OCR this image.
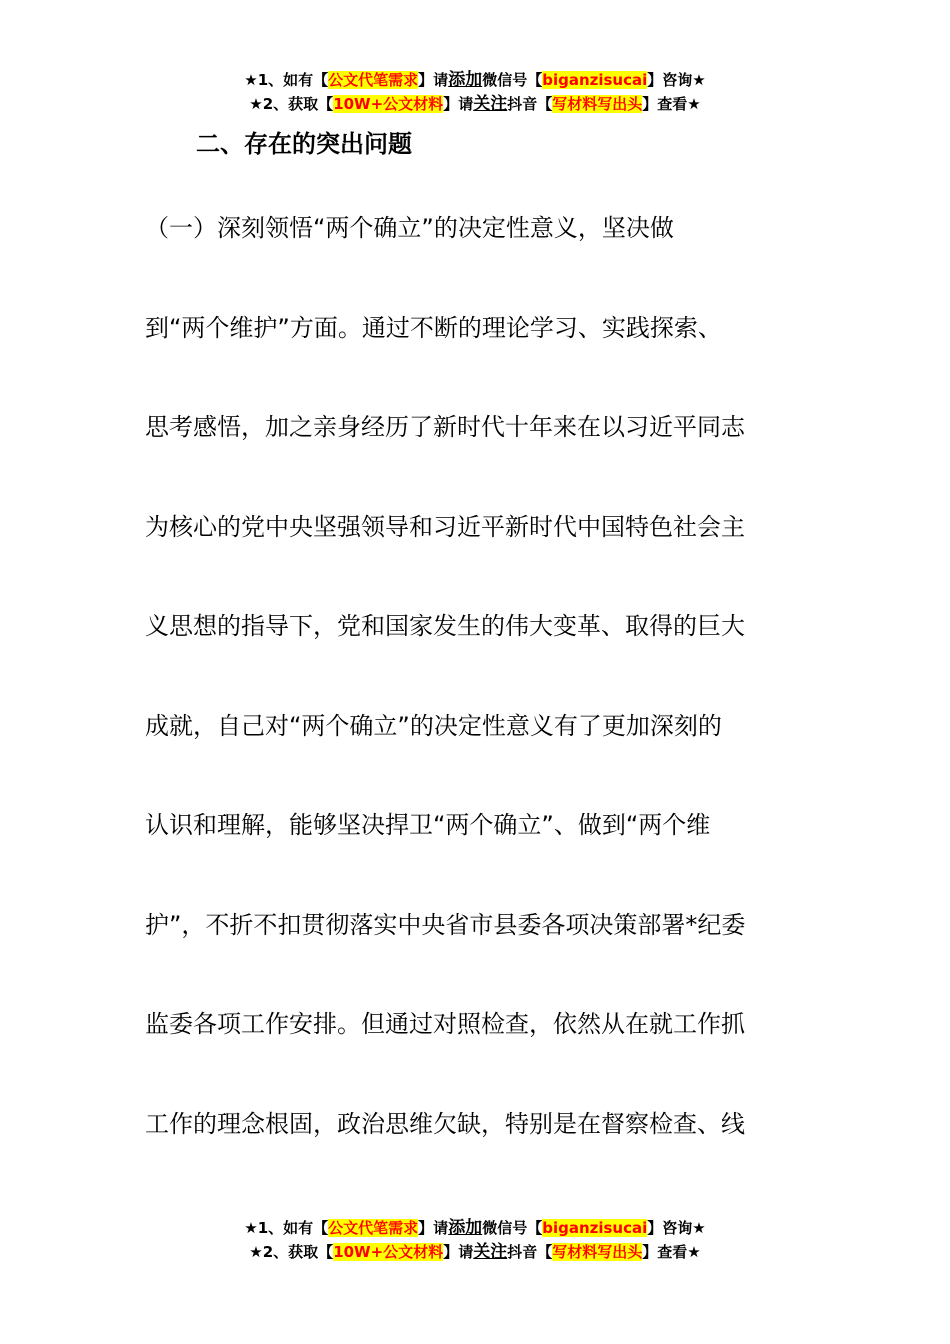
★1、如有【公文代笔需求】请添加微信号【biganzisucai】咨询★
★2、获取【10W+公文材料】请关注抖音【写材料写出头】查看★
二、存在的突出问题

（一）深刻领悟“两个确立”的决定性意义，坚决做

到“两个维护”方面。通过不断的理论学习、实践探索、

思考感悟，加之亲身经历了新时代十年来在以习近平同志

为核心的党中央坚强领导和习近平新时代中国特色社会主

义思想的指导下，党和国家发生的伟大变革、取得的巨大

成就，自己对“两个确立”的决定性意义有了更加深刻的

认识和理解，能够坚决捍卫“两个确立”、做到“两个维

护”，不折不扣贯彻落实中央省市县委各项决策部署*纪委

监委各项工作安排。但通过对照检查，依然从在就工作抓

工作的理念根固，政治思维欠缺，特别是在督察检查、线

★1、如有【公文代笔需求】请添加微信号【biganzisucai】咨询★
★2、获取【10W+公文材料】请关注抖音【写材料写出头】查看★
